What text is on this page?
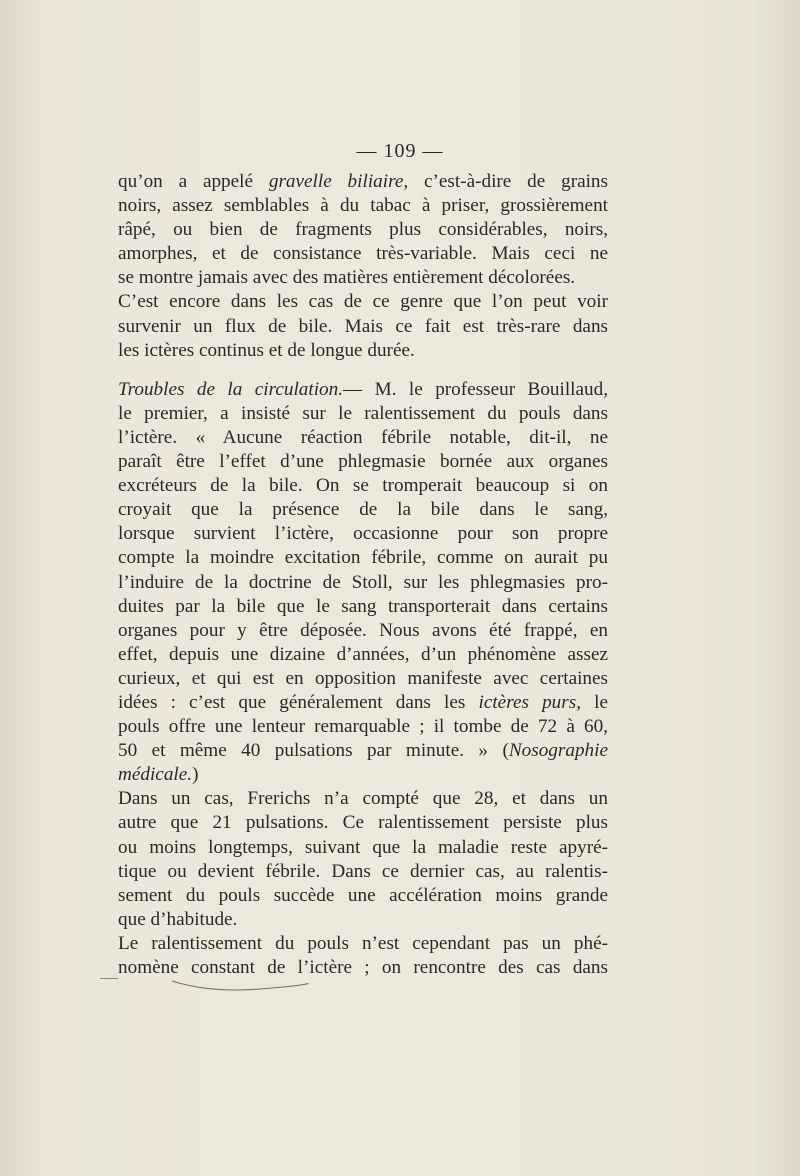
— 109 —
qu’on a appelé gravelle biliaire, c’est-à-dire de grains
noirs, assez semblables à du tabac à priser, grossièrement
râpé, ou bien de fragments plus considérables, noirs,
amorphes, et de consistance très-variable. Mais ceci ne
se montre jamais avec des matières entièrement décolorées.
C’est encore dans les cas de ce genre que l’on peut voir
survenir un flux de bile. Mais ce fait est très-rare dans
les ictères continus et de longue durée.
Troubles de la circulation.— M. le professeur Bouillaud,
le premier, a insisté sur le ralentissement du pouls dans
l’ictère. « Aucune réaction fébrile notable, dit-il, ne
paraît être l’effet d’une phlegmasie bornée aux organes
excréteurs de la bile. On se tromperait beaucoup si on
croyait que la présence de la bile dans le sang,
lorsque survient l’ictère, occasionne pour son propre
compte la moindre excitation fébrile, comme on aurait pu
l’induire de la doctrine de Stoll, sur les phlegmasies pro-
duites par la bile que le sang transporterait dans certains
organes pour y être déposée. Nous avons été frappé, en
effet, depuis une dizaine d’années, d’un phénomène assez
curieux, et qui est en opposition manifeste avec certaines
idées : c’est que généralement dans les ictères purs, le
pouls offre une lenteur remarquable ; il tombe de 72 à 60,
50 et même 40 pulsations par minute. » (Nosographie
médicale.)
Dans un cas, Frerichs n’a compté que 28, et dans un
autre que 21 pulsations. Ce ralentissement persiste plus
ou moins longtemps, suivant que la maladie reste apyré-
tique ou devient fébrile. Dans ce dernier cas, au ralentis-
sement du pouls succède une accélération moins grande
que d’habitude.
Le ralentissement du pouls n’est cependant pas un phé-
nomène constant de l’ictère ; on rencontre des cas dans
